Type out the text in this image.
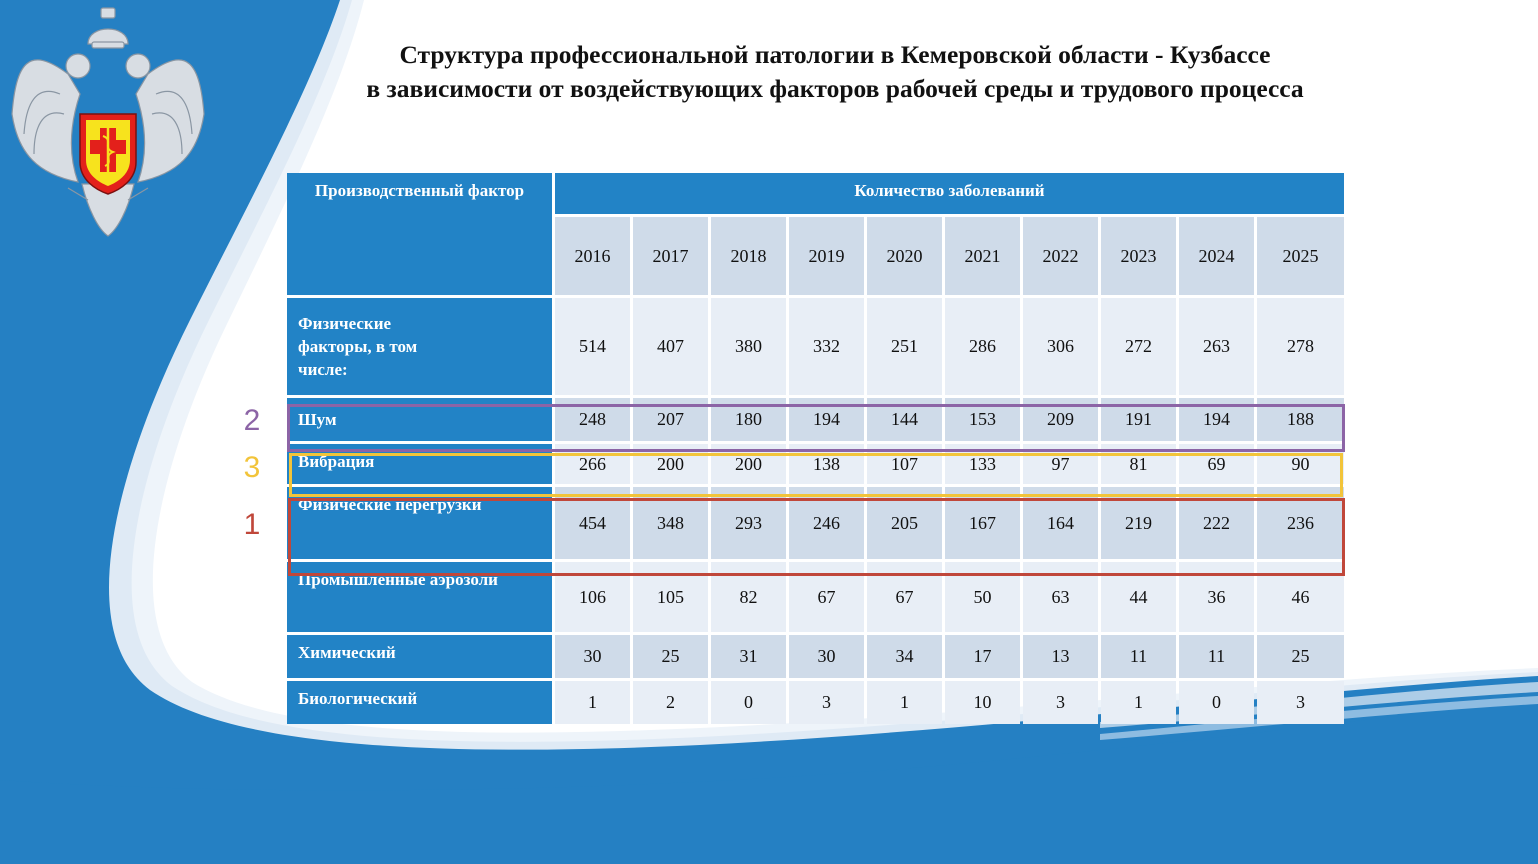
Структура профессиональной патологии в Кемеровской области - Кузбассе
в зависимости от воздействующих факторов рабочей среды и трудового процесса
Производственный фактор	Количество заболеваний									
	2016	2017	2018	2019	2020	2021	2022	2023	2024	2025

Физические
факторы, в том
числе:	514	407	380	332	251	286	306	272	263	278

Шум	248	207	180	194	144	153	209	191	194	188

Вибрация	266	200	200	138	107	133	97	81	69	90

Физические перегрузки	454	348	293	246	205	167	164	219	222	236

Промышленные аэрозоли	106	105	82	67	67	50	63	44	36	46

Химический	30	25	31	30	34	17	13	11	11	25

Биологический	1	2	0	3	1	10	3	1	0	3
2
3
1
